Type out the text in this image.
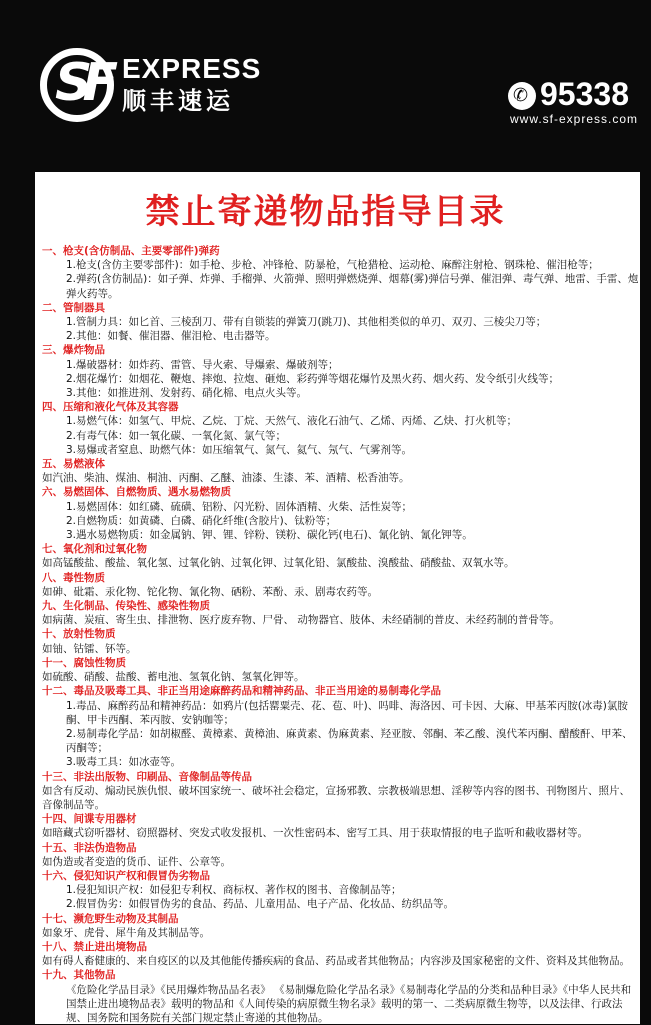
SF EXPRESS
顺丰速运	✆ 95338
www.sf-express.com
禁止寄递物品指导目录
一、枪支(含仿制品、主要零部件)弹药
1.枪支(含仿主要零部件)：如手枪、步枪、冲锋枪、防暴枪，气枪猎枪、运动枪、麻醉注射枪、钢珠枪、催泪枪等；
2.弹药(含仿制品)：如子弹、炸弹、手榴弹、火箭弹、照明弹燃烧弹、烟幕(雾)弹信号弹、催泪弹、毒气弹、地雷、手雷、炮弹火药等。
二、管制器具
1.管制力具：如匕首、三棱刮刀、带有自锁装的弹簧刀(跳刀)、其他相类似的单刃、双刃、三棱尖刀等；
2.其他：如餐、催泪器、催泪枪、电击器等。
三、爆炸物品
1.爆破器材：如炸药、雷管、导火索、导爆索、爆破剂等；
2.烟花爆竹：如烟花、鞭炮、摔炮、拉炮、砸炮、彩药弹等烟花爆竹及黑火药、烟火药、发令纸引火线等；
3.其他：如推进剂、发射药、硝化棉、电点火头等。
四、压缩和液化气体及其容器
1.易燃气体：如氢气、甲烷、乙烷、丁烷、天然气、液化石油气、乙烯、丙烯、乙炔、打火机等；
2.有毒气体：如一氧化碳、一氧化氮、氯气等；
3.易爆或者窒息、助燃气体：如压缩氧气、氮气、氦气、氖气、气雾剂等。
五、易燃液体
如汽油、柴油、煤油、桐油、丙酮、乙醚、油漆、生漆、苯、酒精、松香油等。
六、易燃固体、自燃物质、遇水易燃物质
1.易燃固体：如红磷、硫磺、铝粉、闪光粉、固体酒精、火柴、活性炭等；
2.自燃物质：如黄磷、白磷、硝化纤维(含胶片)、钛粉等；
3.遇水易燃物质：如金属钠、钾、锂、锌粉、镁粉、碳化钙(电石)、氰化钠、氰化钾等。
七、氧化剂和过氧化物
如高锰酸盐、酸盐、氧化氢、过氧化钠、过氧化钾、过氧化铅、氯酸盐、溴酸盐、硝酸盐、双氧水等。
八、毒性物质
如砷、砒霜、汞化物、铊化物、氰化物、硒粉、苯酚、汞、剧毒农药等。
九、生化制品、传染性、感染性物质
如病菌、炭疽、寄生虫、排泄物、医疗废弃物、尸骨、 动物器官、肢体、未经硝制的普皮、未经药制的普骨等。
十、放射性物质
如铀、钴镭、钚等。
十一、腐蚀性物质
如硫酸、硝酸、盐酸、蓄电池、氢氧化钠、氢氧化钾等。
十二、毒品及吸毒工具、非正当用途麻醉药品和精神药品、非正当用途的易制毒化学品
1.毒品、麻醉药品和精神药品：如鸦片(包括罂粟壳、花、苞、叶)、吗啡、海洛因、可卡因、大麻、甲基苯丙胺(冰毒)氯胺酮、甲卡西酮、苯丙胺、安钠咖等；
2.易制毒化学品：如胡椒醛、黄樟素、黄樟油、麻黄素、伪麻黄素、羟亚胺、邻酮、苯乙酸、溴代苯丙酮、醋酸酐、甲苯、丙酮等；
3.吸毒工具：如冰壶等。
十三、非法出版物、印刷品、音像制品等传品
如含有反动、煽动民族仇恨、破坏国家统一、破坏社会稳定，宣扬邪教、宗教极端思想、淫秽等内容的图书、刊物图片、照片、音像制品等。
十四、间谍专用器材
如暗藏式窃听器材、窃照器材、突发式收发报机、一次性密码本、密写工具、用于获取情报的电子监听和截收器材等。
十五、非法伪造物品
如伪造或者变造的货币、证件、公章等。
十六、侵犯知识产权和假冒伪劣物品
1.侵犯知识产权：如侵犯专利权、商标权、著作权的图书、音像制品等；
2.假冒伪劣：如假冒伪劣的食品、药品、儿童用品、电子产品、化妆品、纺织品等。
十七、濒危野生动物及其制品
如象牙、虎骨、犀牛角及其制品等。
十八、禁止进出境物品
如有碍人畜健康的、来自疫区的以及其他能传播疾病的食品、药品或者其他物品；内容涉及国家秘密的文件、资料及其他物品。
十九、其他物品
《危险化学品目录》《民用爆炸物品品名表》 《易制爆危险化学品名录》《易制毒化学品的分类和品种目录》《中华人民共和国禁止进出境物品表》载明的物品和《人间传染的病原微生物名录》载明的第一、二类病原微生物等，以及法律、行政法规、国务院和国务院有关部门规定禁止寄递的其他物品。
